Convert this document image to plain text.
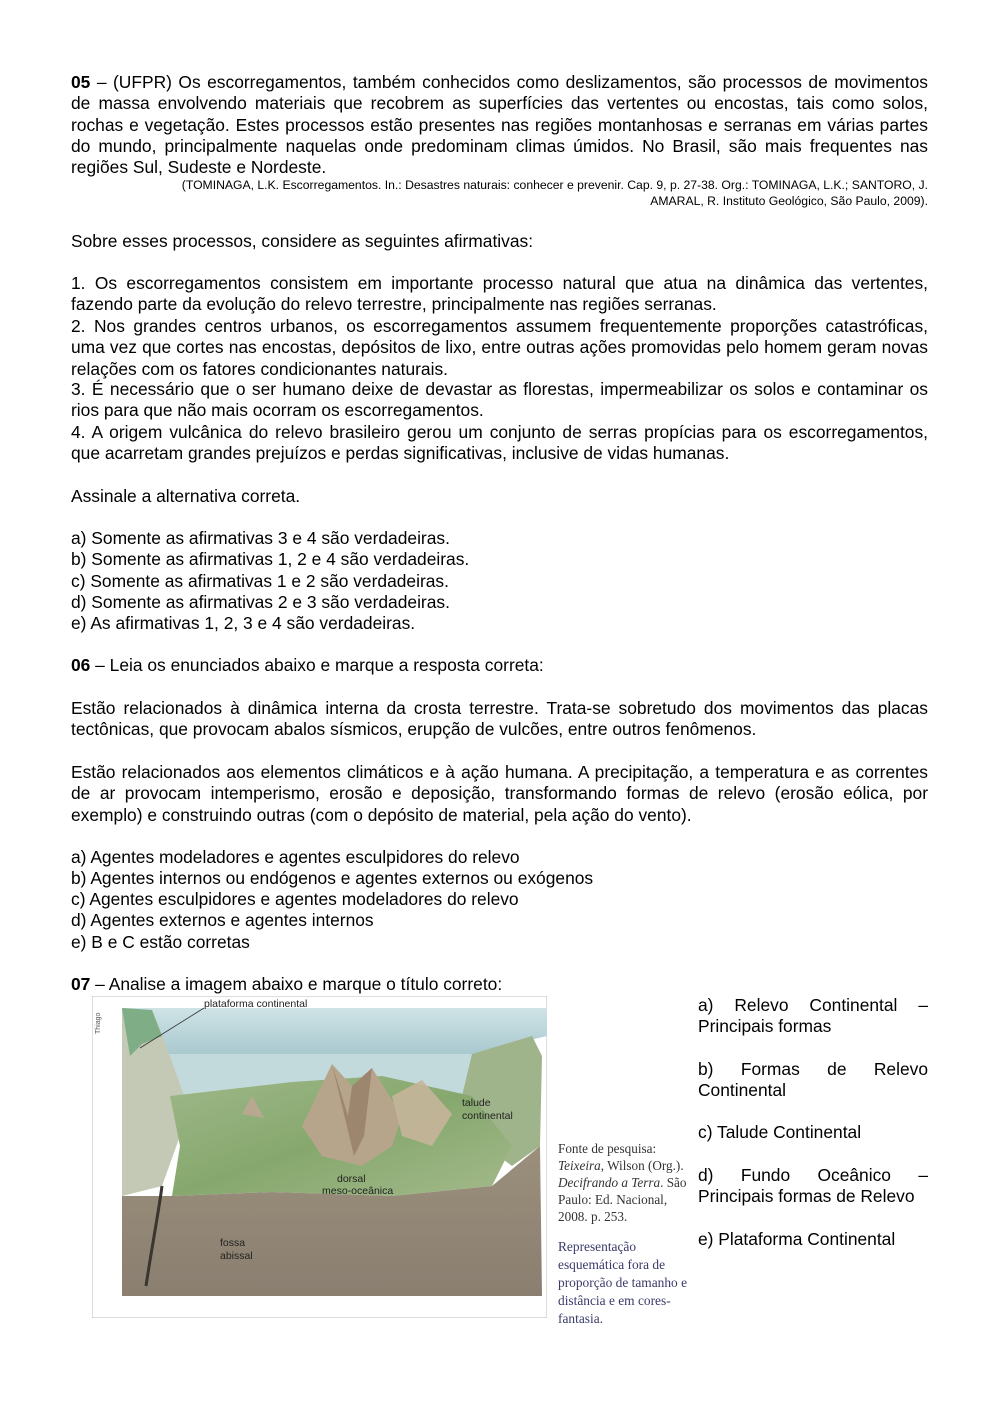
05 – (UFPR) Os escorregamentos, também conhecidos como deslizamentos, são processos de movimentos de massa envolvendo materiais que recobrem as superfícies das vertentes ou encostas, tais como solos, rochas e vegetação. Estes processos estão presentes nas regiões montanhosas e serranas em várias partes do mundo, principalmente naquelas onde predominam climas úmidos. No Brasil, são mais frequentes nas regiões Sul, Sudeste e Nordeste.

(TOMINAGA, L.K. Escorregamentos. In.: Desastres naturais: conhecer e prevenir. Cap. 9, p. 27-38. Org.: TOMINAGA, L.K.; SANTORO, J.
AMARAL, R. Instituto Geológico, São Paulo, 2009).

Sobre esses processos, considere as seguintes afirmativas:

1. Os escorregamentos consistem em importante processo natural que atua na dinâmica das vertentes, fazendo parte da evolução do relevo terrestre, principalmente nas regiões serranas.

2. Nos grandes centros urbanos, os escorregamentos assumem frequentemente proporções catastróficas, uma vez que cortes nas encostas, depósitos de lixo, entre outras ações promovidas pelo homem geram novas relações com os fatores condicionantes naturais.

3. É necessário que o ser humano deixe de devastar as florestas, impermeabilizar os solos e contaminar os rios para que não mais ocorram os escorregamentos.

4. A origem vulcânica do relevo brasileiro gerou um conjunto de serras propícias para os escorregamentos, que acarretam grandes prejuízos e perdas significativas, inclusive de vidas humanas.

Assinale a alternativa correta.

a) Somente as afirmativas 3 e 4 são verdadeiras.

b) Somente as afirmativas 1, 2 e 4 são verdadeiras.

c) Somente as afirmativas 1 e 2 são verdadeiras.

d) Somente as afirmativas 2 e 3 são verdadeiras.

e) As afirmativas 1, 2, 3 e 4 são verdadeiras.

06 – Leia os enunciados abaixo e marque a resposta correta:

Estão relacionados à dinâmica interna da crosta terrestre. Trata-se sobretudo dos movimentos das placas tectônicas, que provocam abalos sísmicos, erupção de vulcões, entre outros fenômenos.

Estão relacionados aos elementos climáticos e à ação humana. A precipitação, a temperatura e as correntes de ar provocam intemperismo, erosão e deposição, transformando formas de relevo (erosão eólica, por exemplo) e construindo outras (com o depósito de material, pela ação do vento).

a) Agentes modeladores e agentes esculpidores do relevo

b) Agentes internos ou endógenos e agentes externos ou exógenos

c) Agentes esculpidores e agentes modeladores do relevo

d) Agentes externos e agentes internos

e) B e C estão corretas

07 – Analise a imagem abaixo e marque o título correto:

a) Relevo Continental – Principais formas

b) Formas de Relevo Continental

c) Talude Continental

d) Fundo Oceânico – Principais formas de Relevo

e) Plataforma Continental

plataforma continental
talude
continental
dorsal
meso-oceânica
fossa
abissal
Thiago

Fonte de pesquisa: Teixeira, Wilson (Org.). Decifrando a Terra. São Paulo: Ed. Nacional, 2008. p. 253.

Representação esquemática fora de proporção de tamanho e distância e em cores-fantasia.
